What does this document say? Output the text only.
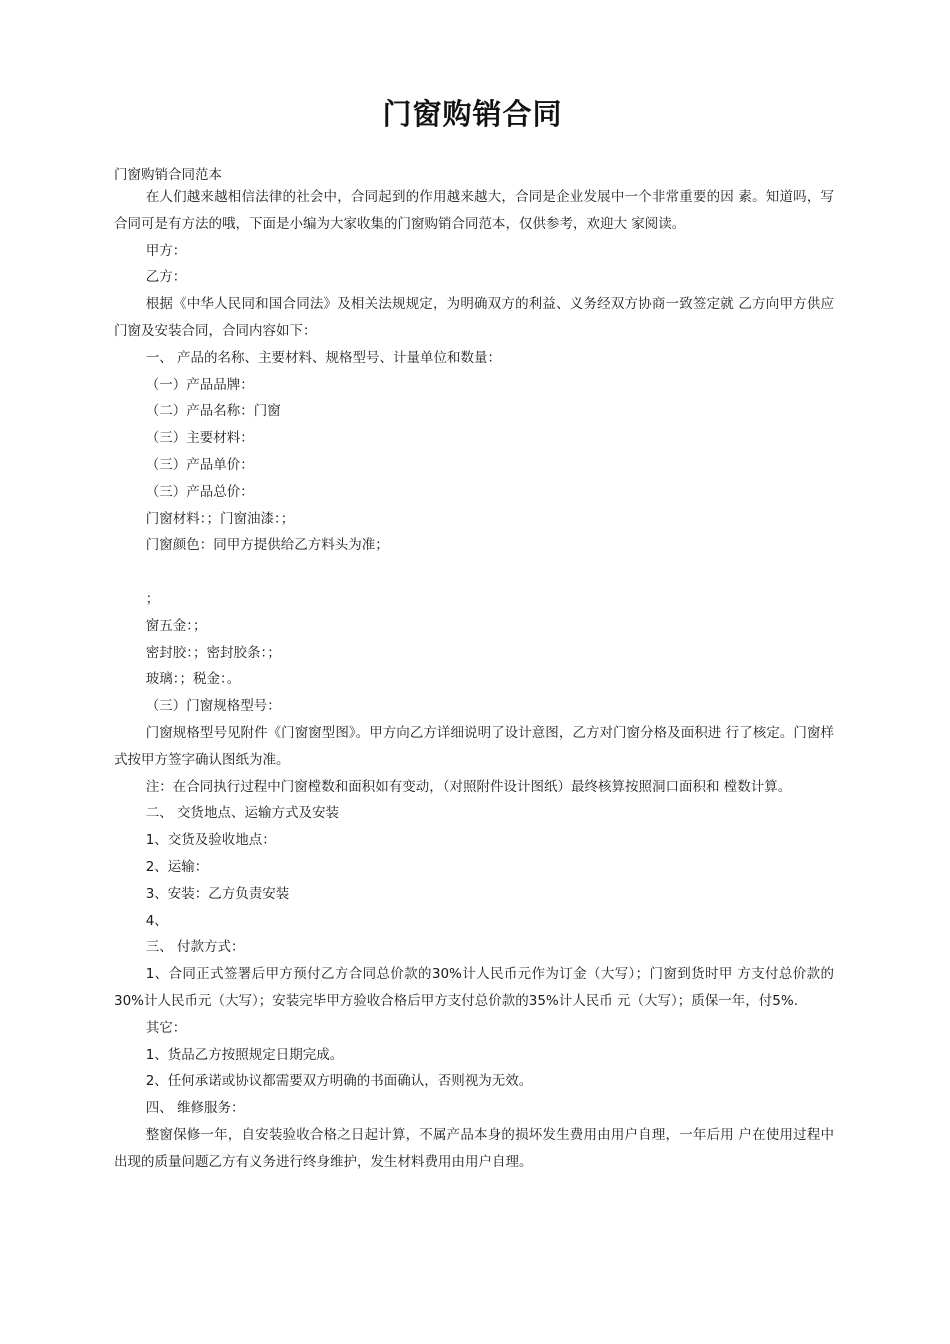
门窗购销合同

门窗购销合同范本

在人们越来越相信法律的社会中，合同起到的作用越来越大，合同是企业发展中一个非常重要的因 素。知道吗，写合同可是有方法的哦，下面是小编为大家收集的门窗购销合同范本，仅供参考，欢迎大 家阅读。

甲方：

乙方：

根据《中华人民同和国合同法》及相关法规规定，为明确双方的利益、义务经双方协商一致签定就 乙方向甲方供应门窗及安装合同，合同内容如下：

一、 产品的名称、主要材料、规格型号、计量单位和数量：

（一）产品品牌：

（二）产品名称：门窗

（三）主要材料：

（三）产品单价：

（三）产品总价：

门窗材料：；门窗油漆：；

门窗颜色：同甲方提供给乙方料头为准；

；

窗五金：；

密封胶：；密封胶条：；

玻璃：；税金：。

（三）门窗规格型号：

门窗规格型号见附件《门窗窗型图》。甲方向乙方详细说明了设计意图，乙方对门窗分格及面积进 行了核定。门窗样式按甲方签字确认图纸为准。

注：在合同执行过程中门窗樘数和面积如有变动，（对照附件设计图纸）最终核算按照洞口面积和 樘数计算。

二、 交货地点、运输方式及安装

1、交货及验收地点：

2、运输：

3、安装：乙方负责安装

4、

三、 付款方式：

1、合同正式签署后甲方预付乙方合同总价款的30%计人民币元作为订金（大写）；门窗到货时甲 方支付总价款的30%计人民币元（大写）；安装完毕甲方验收合格后甲方支付总价款的35%计人民币 元（大写）；质保一年，付5%.

其它：

1、货品乙方按照规定日期完成。

2、任何承诺或协议都需要双方明确的书面确认，否则视为无效。

四、 维修服务：

整窗保修一年，自安装验收合格之日起计算，不属产品本身的损坏发生费用由用户自理，一年后用 户在使用过程中出现的质量问题乙方有义务进行终身维护，发生材料费用由用户自理。
